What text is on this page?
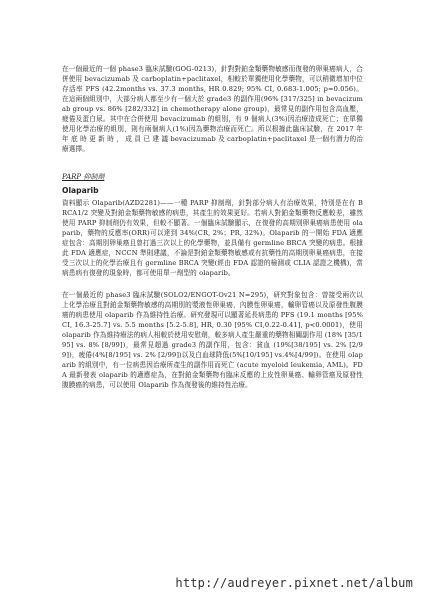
在一個最近的一個 phase3 臨床試驗(GOG-0213)，針對對鉑金類藥物敏感而復發的卵巢癌病人，合併使用 bevacizumab 及 carboplatin+paclitaxel，相較於單獨使用化學藥物，可以稍微增加中位存活率 PFS (42.2months vs. 37.3 months, HR 0.829; 95% CI, 0.683-1.005; p=0.056)。在這兩個組別中，大部分病人都至少有一個大於 grade3 的副作用(96% [317/325] in bevacizumab group vs. 86% [282/332] in chemotherapy alone group)，最常見的副作用包含高血壓，疲倦及蛋白尿。其中在合併使用 bevacizumab 的組別，有 9 個病人(3%)因治療造成死亡；在單獨使用化學治療的組別，則有兩個病人(1%)因為藥物治療而死亡。所以根據此臨床試驗，在 2017 年 年 底 時 更 新 時 ， 成 員 已 建 議 bevacizumab 及 carboplatin+paclitaxel 是一個有潛力的治療選擇。

PARP 抑制劑
Olaparib

資料顯示 Olaparib(AZD2281)——一種 PARP 抑制劑，針對部分病人有治療效果，特別是在有 BRCA1/2 突變及對鉑金類藥物敏感的病患，其產生的效果更好。若病人對鉑金類藥物反應較差，雖然使用 PARP 抑制劑仍有效果，但較不顯著。一個臨床試驗顯示，在復發的高期別卵巢癌病患使用 olaparib，藥物的反應率(ORR)可以達到 34%(CR, 2%；PR, 32%)。Olaparib 的一開始 FDA 適應症包含：高期別卵巢癌且曾打過三次以上的化學藥物，並具備有 germline BRCA 突變的病患。根據此 FDA 適應症，NCCN 準則建議，不論是對鉑金類藥物敏感或有抗藥性的高期別卵巢癌病患，在接受三次以上的化學治療且有 germline BRCA 突變(經由 FDA 認證的檢測或 CLIA 認證之機構)，當病患病有復發的現象時，都可使用單一劑型的 olaparib。

在一個最近的 phase3 臨床試驗(SOLO2/ENGOT-Ov21 N=295)，研究對象包含：曾接受兩次以上化學治療且對鉑金類藥物敏感的高期別的漿液性卵巢癌，內膜性卵巢癌，輸卵管癌以及原發性腹膜癌的病患使用 olaparib 作為維持性治療。研究發現可以顯著延長病患的 PFS (19.1 months [95% CI, 16.3-25.7] vs. 5.5 months [5.2-5.8], HR, 0.30 [95% CI,0.22-0.41], p<0.0001)，使用 olaparib 作為維持療法的病人相較於使用安慰劑，較多病人產生嚴重的藥物相關副作用 (18% [35/195] vs. 8% [8/99])，最常見超過 grade3 的副作用，包含：貧血 (19%[38/195] vs. 2% [2/99])，疲倦(4%[8/195] vs. 2% [2/99])以及白血球降低(5%[10/195] vs.4%[4/99])。在使用 olaparib 的組別中，有一位病患因治療所產生的副作用而死亡 (acute myeloid leukemia, AML)。FDA 最新發表 olaparib 的適應症為，在對鉑金類藥物有臨床反應的上皮性卵巢癌、輸卵管癌及原發性腹膜癌的病患，可以使用 Olaparib 作為復發後的維持性治療。

http://audreyer.pixnet.net/album
